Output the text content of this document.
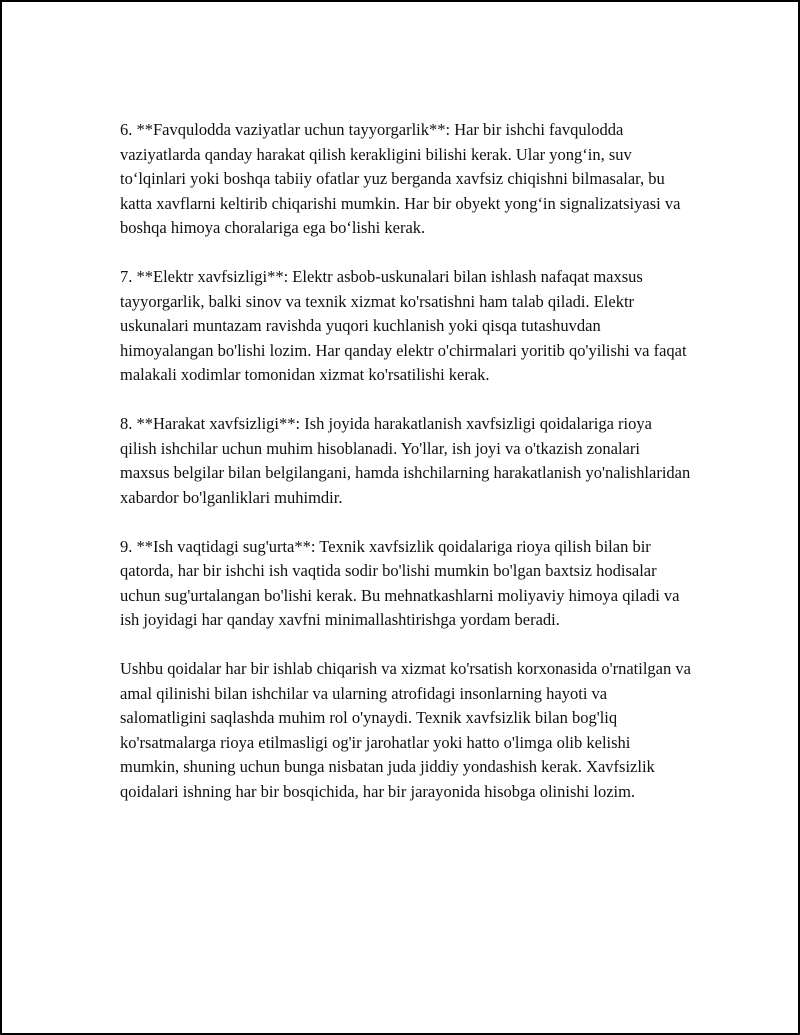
6. **Favqulodda vaziyatlar uchun tayyorgarlik**: Har bir ishchi favqulodda vaziyatlarda qanday harakat qilish kerakligini bilishi kerak. Ular yong‘in, suv to‘lqinlari yoki boshqa tabiiy ofatlar yuz berganda xavfsiz chiqishni bilmasalar, bu katta xavflarni keltirib chiqarishi mumkin. Har bir obyekt yong‘in signalizatsiyasi va boshqa himoya choralariga ega bo‘lishi kerak.

7. **Elektr xavfsizligi**: Elektr asbob-uskunalari bilan ishlash nafaqat maxsus tayyorgarlik, balki sinov va texnik xizmat ko'rsatishni ham talab qiladi. Elektr uskunalari muntazam ravishda yuqori kuchlanish yoki qisqa tutashuvdan himoyalangan bo'lishi lozim. Har qanday elektr o'chirmalari yoritib qo'yilishi va faqat malakali xodimlar tomonidan xizmat ko'rsatilishi kerak.

8. **Harakat xavfsizligi**: Ish joyida harakatlanish xavfsizligi qoidalariga rioya qilish ishchilar uchun muhim hisoblanadi. Yo'llar, ish joyi va o'tkazish zonalari maxsus belgilar bilan belgilangani, hamda ishchilarning harakatlanish yo'nalishlaridan xabardor bo'lganliklari muhimdir.

9. **Ish vaqtidagi sug'urta**: Texnik xavfsizlik qoidalariga rioya qilish bilan bir qatorda, har bir ishchi ish vaqtida sodir bo'lishi mumkin bo'lgan baxtsiz hodisalar uchun sug'urtalangan bo'lishi kerak. Bu mehnatkashlarni moliyaviy himoya qiladi va ish joyidagi har qanday xavfni minimallashtirishga yordam beradi.

Ushbu qoidalar har bir ishlab chiqarish va xizmat ko'rsatish korxonasida o'rnatilgan va amal qilinishi bilan ishchilar va ularning atrofidagi insonlarning hayoti va salomatligini saqlashda muhim rol o'ynaydi. Texnik xavfsizlik bilan bog'liq ko'rsatmalarga rioya etilmasligi og'ir jarohatlar yoki hatto o'limga olib kelishi mumkin, shuning uchun bunga nisbatan juda jiddiy yondashish kerak. Xavfsizlik qoidalari ishning har bir bosqichida, har bir jarayonida hisobga olinishi lozim.
